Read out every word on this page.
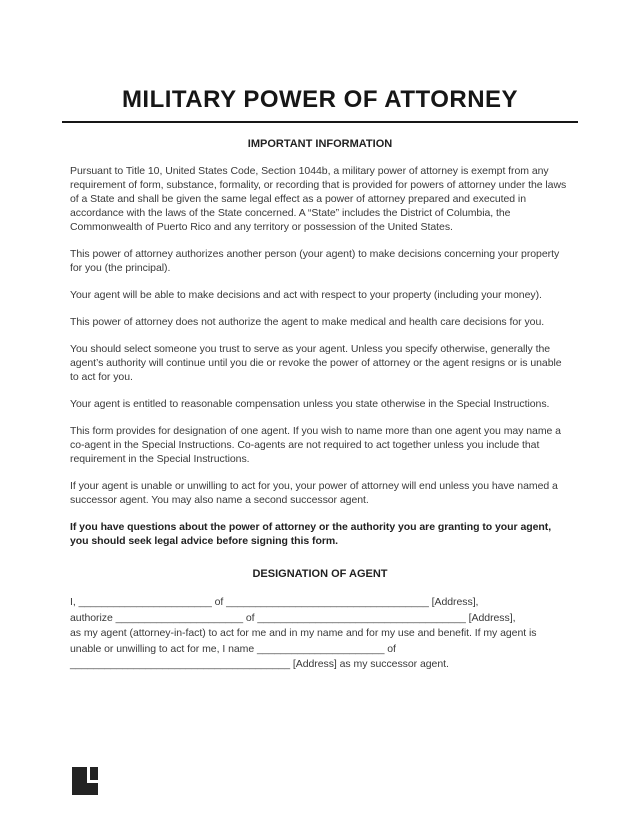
MILITARY POWER OF ATTORNEY
IMPORTANT INFORMATION
Pursuant to Title 10, United States Code, Section 1044b, a military power of attorney is exempt from any requirement of form, substance, formality, or recording that is provided for powers of attorney under the laws of a State and shall be given the same legal effect as a power of attorney prepared and executed in accordance with the laws of the State concerned. A “State” includes the District of Columbia, the Commonwealth of Puerto Rico and any territory or possession of the United States.
This power of attorney authorizes another person (your agent) to make decisions concerning your property for you (the principal).
Your agent will be able to make decisions and act with respect to your property (including your money).
This power of attorney does not authorize the agent to make medical and health care decisions for you.
You should select someone you trust to serve as your agent. Unless you specify otherwise, generally the agent’s authority will continue until you die or revoke the power of attorney or the agent resigns or is unable to act for you.
Your agent is entitled to reasonable compensation unless you state otherwise in the Special Instructions.
This form provides for designation of one agent. If you wish to name more than one agent you may name a co-agent in the Special Instructions. Co-agents are not required to act together unless you include that requirement in the Special Instructions.
If your agent is unable or unwilling to act for you, your power of attorney will end unless you have named a successor agent. You may also name a second successor agent.

If you have questions about the power of attorney or the authority you are granting to your agent, you should seek legal advice before signing this form.

DESIGNATION OF AGENT
I, _______________________ of ___________________________________ [Address],
authorize ______________________ of ____________________________________ [Address],
as my agent (attorney-in-fact) to act for me and in my name and for my use and benefit. If my agent is
unable or unwilling to act for me, I name ______________________ of
______________________________________ [Address] as my successor agent.
